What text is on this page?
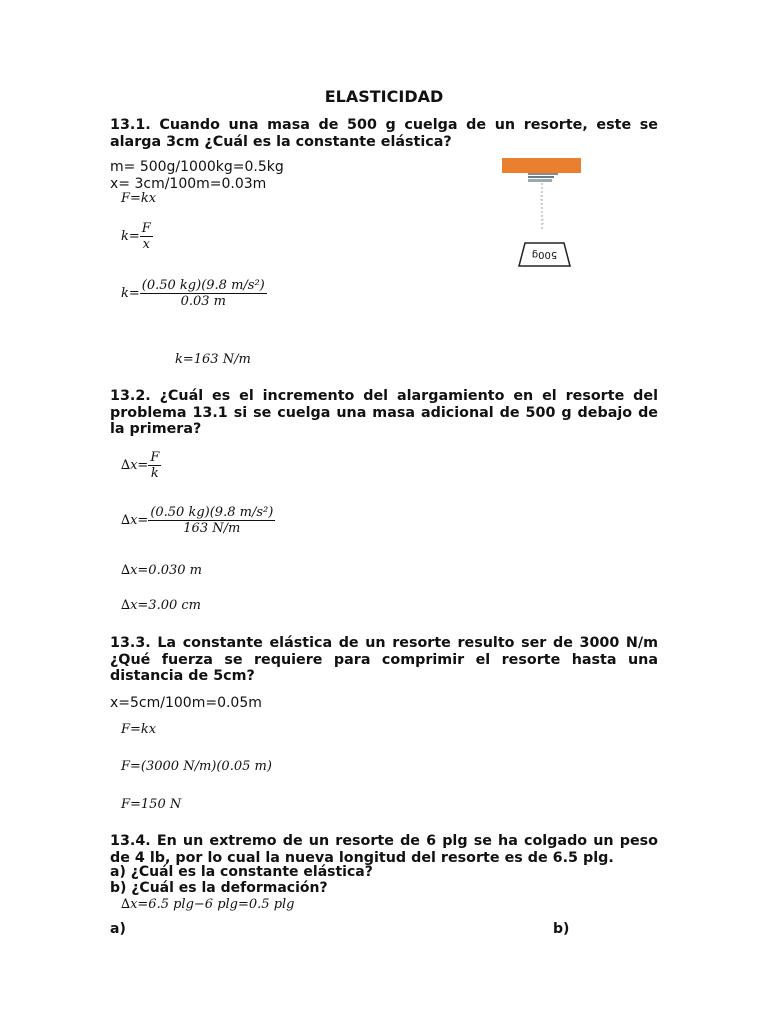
ELASTICIDAD
13.1. Cuando una masa de 500 g cuelga de un resorte, este se alarga 3cm ¿Cuál es la constante elástica?
m= 500g/1000kg=0.5kg
x= 3cm/100m=0.03m
F=kx
$k= \frac{F}{x}$
$k= \frac{\text{(0.50 kg)(9.8 m/s²)}}{0.03 m}$
k=163 N/m
500g
13.2. ¿Cuál es el incremento del alargamiento en el resorte del problema 13.1 si se cuelga una masa adicional de 500 g debajo de la primera?
$\Delta x= \frac{F}{k}$
$\Delta x= \frac{\text{(0.50 kg)(9.8 m/s²)}}{163 N/m}$
∆x=0.030 m
∆x=3.00 cm
13.3. La constante elástica de un resorte resulto ser de 3000 N/m ¿Qué fuerza se requiere para comprimir el resorte hasta una distancia de 5cm?
x=5cm/100m=0.05m
F=kx
F=(3000 N/m)(0.05 m)
F=150 N
13.4. En un extremo de un resorte de 6 plg se ha colgado un peso de 4 lb, por lo cual la nueva longitud del resorte es de 6.5 plg.
a) ¿Cuál es la constante elástica?
b) ¿Cuál es la deformación?
∆x=6.5 plg−6 plg=0.5 plg
a)	b)
